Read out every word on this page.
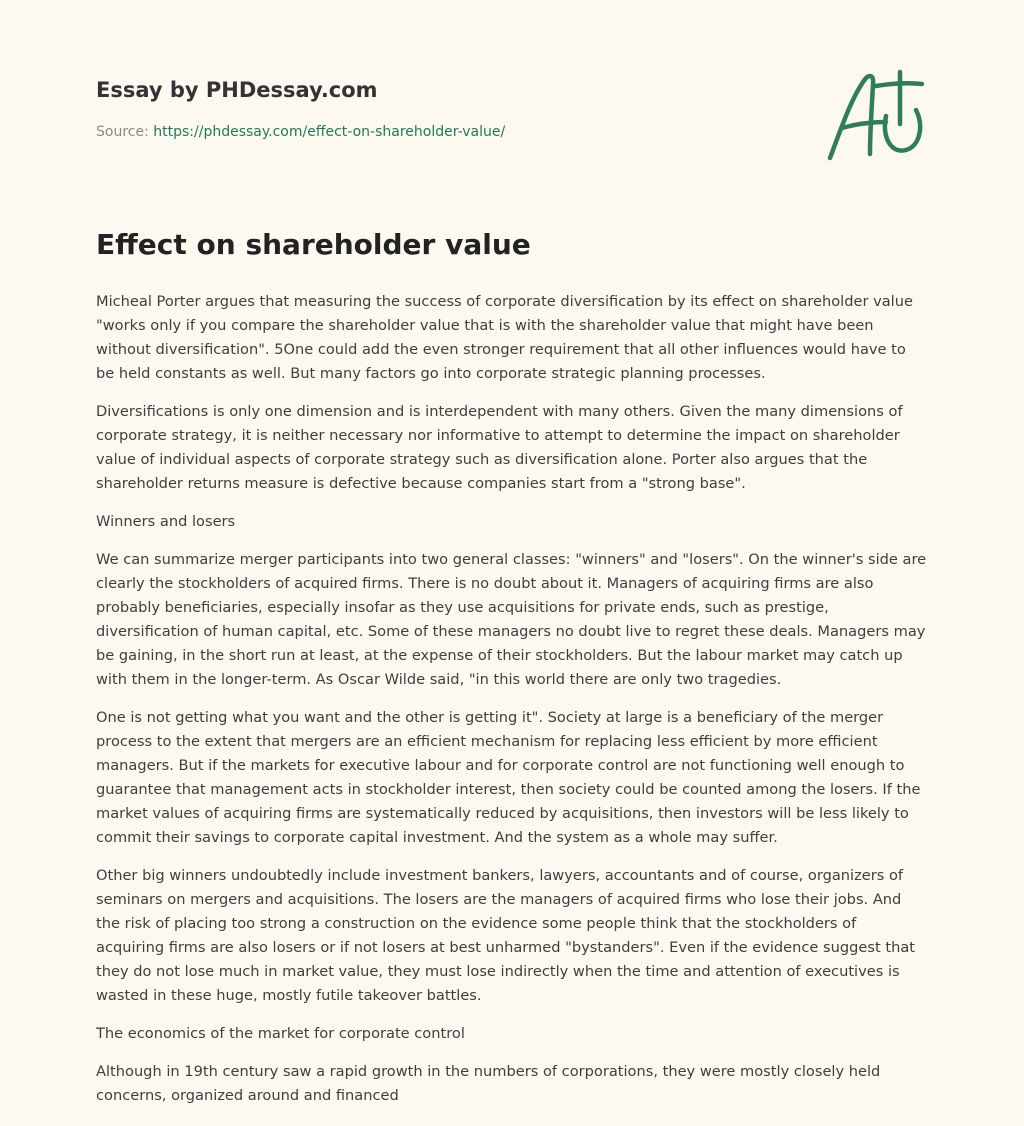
Essay by PHDessay.com
Source: https://phdessay.com/effect-on-shareholder-value/
Effect on shareholder value

Micheal Porter argues that measuring the success of corporate diversification by its effect on shareholder value "works only if you compare the shareholder value that is with the shareholder value that might have been without diversification". 5One could add the even stronger requirement that all other influences would have to be held constants as well. But many factors go into corporate strategic planning processes.

Diversifications is only one dimension and is interdependent with many others. Given the many dimensions of corporate strategy, it is neither necessary nor informative to attempt to determine the impact on shareholder value of individual aspects of corporate strategy such as diversification alone. Porter also argues that the shareholder returns measure is defective because companies start from a "strong base".

Winners and losers

We can summarize merger participants into two general classes: "winners" and "losers". On the winner's side are clearly the stockholders of acquired firms. There is no doubt about it. Managers of acquiring firms are also probably beneficiaries, especially insofar as they use acquisitions for private ends, such as prestige, diversification of human capital, etc. Some of these managers no doubt live to regret these deals. Managers may be gaining, in the short run at least, at the expense of their stockholders. But the labour market may catch up with them in the longer-term. As Oscar Wilde said, "in this world there are only two tragedies.

One is not getting what you want and the other is getting it". Society at large is a beneficiary of the merger process to the extent that mergers are an efficient mechanism for replacing less efficient by more efficient managers. But if the markets for executive labour and for corporate control are not functioning well enough to guarantee that management acts in stockholder interest, then society could be counted among the losers. If the market values of acquiring firms are systematically reduced by acquisitions, then investors will be less likely to commit their savings to corporate capital investment. And the system as a whole may suffer.

Other big winners undoubtedly include investment bankers, lawyers, accountants and of course, organizers of seminars on mergers and acquisitions. The losers are the managers of acquired firms who lose their jobs. And the risk of placing too strong a construction on the evidence some people think that the stockholders of acquiring firms are also losers or if not losers at best unharmed "bystanders". Even if the evidence suggest that they do not lose much in market value, they must lose indirectly when the time and attention of executives is wasted in these huge, mostly futile takeover battles.

The economics of the market for corporate control

Although in 19th century saw a rapid growth in the numbers of corporations, they were mostly closely held concerns, organized around and financed
